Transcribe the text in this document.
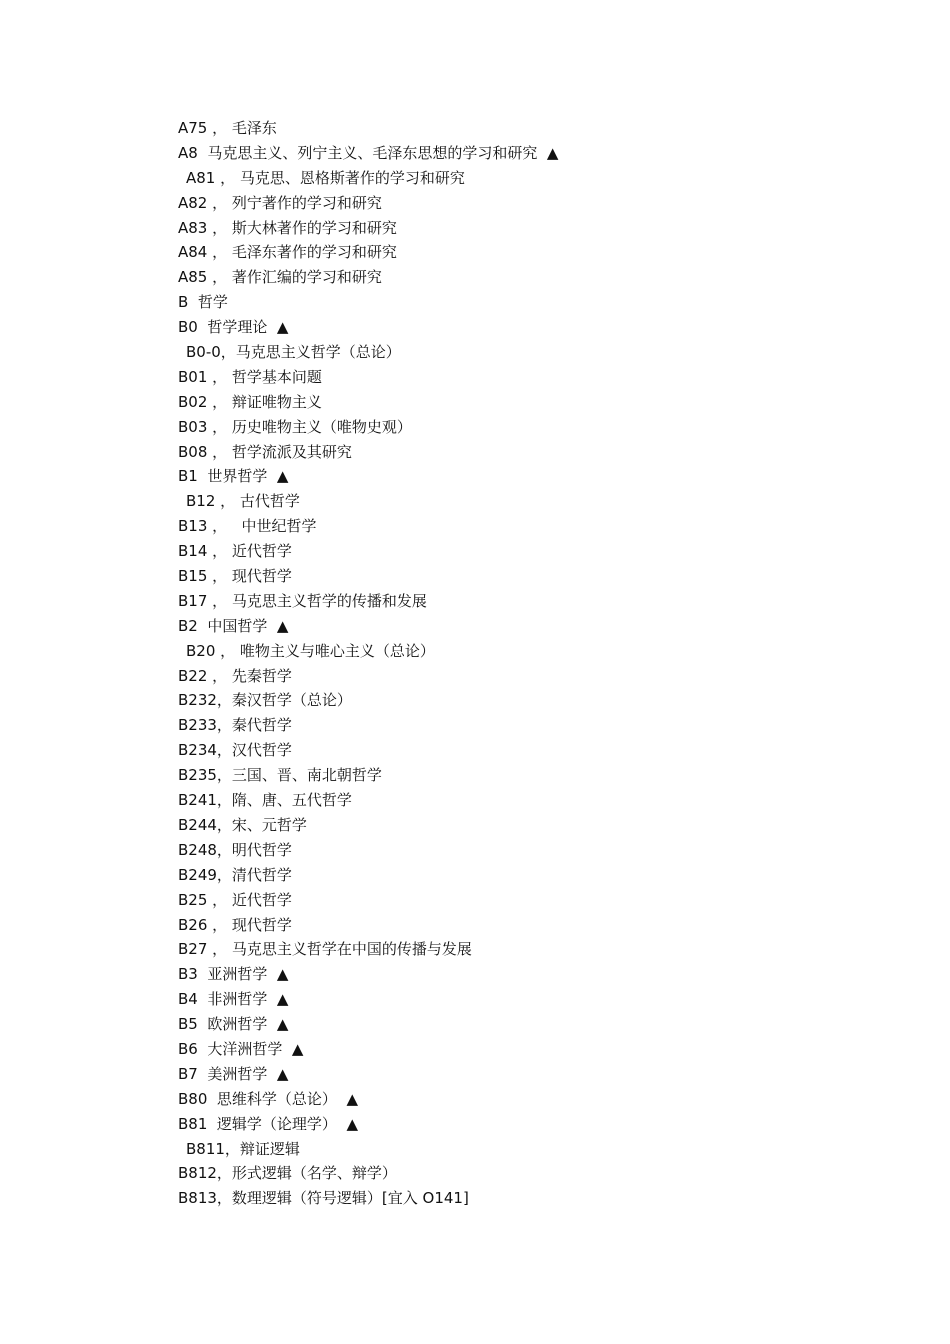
A75 ， 毛泽东
A8  马克思主义、列宁主义、毛泽东思想的学习和研究  ▲
A81 ， 马克思、恩格斯著作的学习和研究
A82 ， 列宁著作的学习和研究
A83 ， 斯大林著作的学习和研究
A84 ， 毛泽东著作的学习和研究
A85 ， 著作汇编的学习和研究
B  哲学
B0  哲学理论  ▲
B0-0，马克思主义哲学（总论）
B01 ， 哲学基本问题
B02 ， 辩证唯物主义
B03 ， 历史唯物主义（唯物史观）
B08 ， 哲学流派及其研究
B1  世界哲学  ▲
B12 ， 古代哲学
B13 ，   中世纪哲学
B14 ， 近代哲学
B15 ， 现代哲学
B17 ， 马克思主义哲学的传播和发展
B2  中国哲学  ▲
B20 ， 唯物主义与唯心主义（总论）
B22 ， 先秦哲学
B232，秦汉哲学（总论）
B233，秦代哲学
B234，汉代哲学
B235，三国、晋、南北朝哲学
B241，隋、唐、五代哲学
B244，宋、元哲学
B248，明代哲学
B249，清代哲学
B25 ， 近代哲学
B26 ， 现代哲学
B27 ， 马克思主义哲学在中国的传播与发展
B3  亚洲哲学  ▲
B4  非洲哲学  ▲
B5  欧洲哲学  ▲
B6  大洋洲哲学  ▲
B7  美洲哲学  ▲
B80  思维科学（总论）  ▲
B81  逻辑学（论理学）  ▲
B811，辩证逻辑
B812，形式逻辑（名学、辩学）
B813，数理逻辑（符号逻辑）[宜入 O141]
